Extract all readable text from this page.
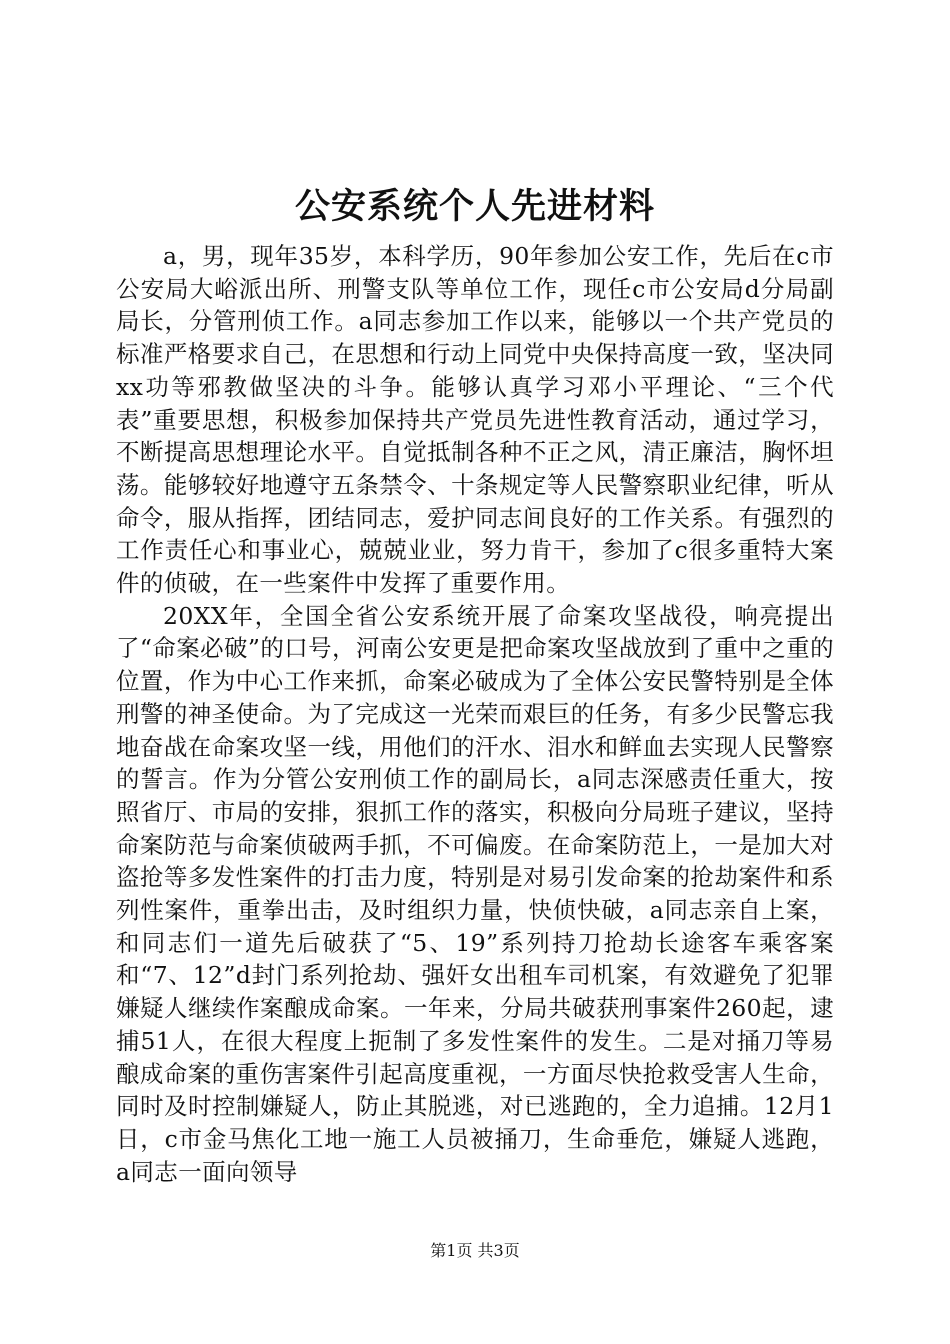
公安系统个人先进材料

a，男，现年35岁，本科学历，90年参加公安工作，先后在c市公安局大峪派出所、刑警支队等单位工作，现任c市公安局d分局副局长，分管刑侦工作。a同志参加工作以来，能够以一个共产党员的标准严格要求自己，在思想和行动上同党中央保持高度一致，坚决同xx功等邪教做坚决的斗争。能够认真学习邓小平理论、“三个代表”重要思想，积极参加保持共产党员先进性教育活动，通过学习，不断提高思想理论水平。自觉抵制各种不正之风，清正廉洁，胸怀坦荡。能够较好地遵守五条禁令、十条规定等人民警察职业纪律，听从命令，服从指挥，团结同志，爱护同志间良好的工作关系。有强烈的工作责任心和事业心，兢兢业业，努力肯干，参加了c很多重特大案件的侦破，在一些案件中发挥了重要作用。

20XX年，全国全省公安系统开展了命案攻坚战役，响亮提出了“命案必破”的口号，河南公安更是把命案攻坚战放到了重中之重的位置，作为中心工作来抓，命案必破成为了全体公安民警特别是全体刑警的神圣使命。为了完成这一光荣而艰巨的任务，有多少民警忘我地奋战在命案攻坚一线，用他们的汗水、泪水和鲜血去实现人民警察的誓言。作为分管公安刑侦工作的副局长，a同志深感责任重大，按照省厅、市局的安排，狠抓工作的落实，积极向分局班子建议，坚持命案防范与命案侦破两手抓，不可偏废。在命案防范上，一是加大对盗抢等多发性案件的打击力度，特别是对易引发命案的抢劫案件和系列性案件，重拳出击，及时组织力量，快侦快破，a同志亲自上案，和同志们一道先后破获了“5、19”系列持刀抢劫长途客车乘客案和“7、12”d封门系列抢劫、强奸女出租车司机案，有效避免了犯罪嫌疑人继续作案酿成命案。一年来，分局共破获刑事案件260起，逮捕51人，在很大程度上扼制了多发性案件的发生。二是对捅刀等易酿成命案的重伤害案件引起高度重视，一方面尽快抢救受害人生命，同时及时控制嫌疑人，防止其脱逃，对已逃跑的，全力追捕。12月1日，c市金马焦化工地一施工人员被捅刀，生命垂危，嫌疑人逃跑，a同志一面向领导

第1页 共3页
